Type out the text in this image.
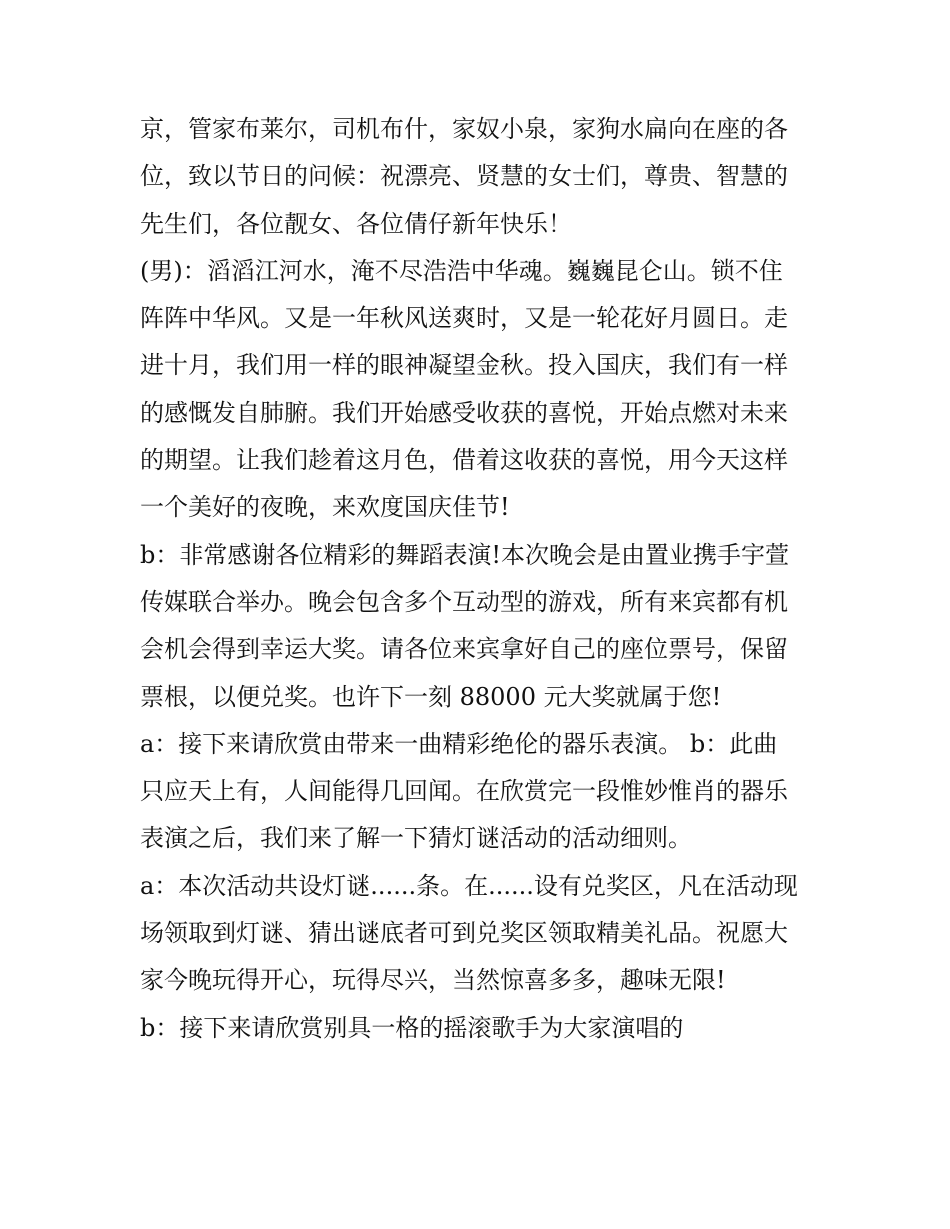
京，管家布莱尔，司机布什，家奴小泉，家狗水扁向在座的各
位，致以节日的问候：祝漂亮、贤慧的女士们，尊贵、智慧的
先生们，各位靓女、各位倩仔新年快乐！
(男)：滔滔江河水，淹不尽浩浩中华魂。巍巍昆仑山。锁不住
阵阵中华风。又是一年秋风送爽时，又是一轮花好月圆日。走
进十月，我们用一样的眼神凝望金秋。投入国庆，我们有一样
的感慨发自肺腑。我们开始感受收获的喜悦，开始点燃对未来
的期望。让我们趁着这月色，借着这收获的喜悦，用今天这样
一个美好的夜晚，来欢度国庆佳节!
b：非常感谢各位精彩的舞蹈表演!本次晚会是由置业携手宇萱
传媒联合举办。晚会包含多个互动型的游戏，所有来宾都有机
会机会得到幸运大奖。请各位来宾拿好自己的座位票号，保留
票根，以便兑奖。也许下一刻 88000 元大奖就属于您!
a：接下来请欣赏由带来一曲精彩绝伦的器乐表演。 b：此曲
只应天上有，人间能得几回闻。在欣赏完一段惟妙惟肖的器乐
表演之后，我们来了解一下猜灯谜活动的活动细则。
a：本次活动共设灯谜......条。在......设有兑奖区，凡在活动现
场领取到灯谜、猜出谜底者可到兑奖区领取精美礼品。祝愿大
家今晚玩得开心，玩得尽兴，当然惊喜多多，趣味无限!
b：接下来请欣赏别具一格的摇滚歌手为大家演唱的
